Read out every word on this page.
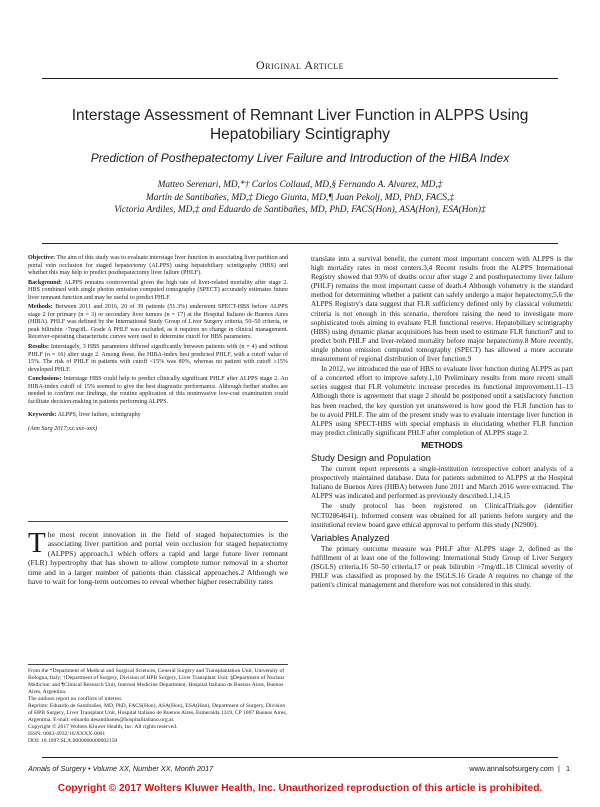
Original Article
Interstage Assessment of Remnant Liver Function in ALPPS Using Hepatobiliary Scintigraphy
Prediction of Posthepatectomy Liver Failure and Introduction of the HIBA Index
Matteo Serenari, MD,*† Carlos Collaud, MD,§ Fernando A. Alvarez, MD,‡
Martín de Santibañes, MD,‡ Diego Giunta, MD,¶ Juan Pekolj, MD, PhD, FACS,‡
Victoria Ardiles, MD,‡ and Eduardo de Santibañes, MD, PhD, FACS(Hon), ASA(Hon), ESA(Hon)‡

Objective: The aim of this study was to evaluate interstage liver function in associating liver partition and portal vein occlusion for staged hepatectomy (ALPPS) using hepatobiliary scintigraphy (HBS) and whether this may help to predict posthepatectomy liver failure (PHLF).

Background: ALPPS remains controversial given the high rate of liver-related mortality after stage 2. HBS combined with single photon emission computed tomography (SPECT) accurately estimates future liver remnant function and may be useful to predict PHLF.

Methods: Between 2011 and 2016, 20 of 39 patients (51.3%) underwent SPECT-HBS before ALPPS stage 2 for primary (n = 3) or secondary liver tumors (n = 17) at the Hospital Italiano de Buenos Aires (HIBA). PHLF was defined by the International Study Group of Liver Surgery criteria, 50–50 criteria, or peak bilirubin >7mg/dL. Grade A PHLF was excluded, as it requires no change in clinical management. Receiver-operating characteristic curves were used to determine cutoff for HBS parameters.

Results: Interstagely, 3 HBS parameters differed significantly between patients with (n = 4) and without PHLF (n = 16) after stage 2. Among these, the HIBA-index best predicted PHLF, with a cutoff value of 15%. The risk of PHLF in patients with cutoff <15% was 80%, whereas no patient with cutoff ≥15% developed PHLF.

Conclusions: Interstage HBS could help to predict clinically significant PHLF after ALPPS stage 2. An HIBA-index cutoff of 15% seemed to give the best diagnostic performance. Although further studies are needed to confirm our findings, the routine application of this noninvasive low-cost examination could facilitate decision-making in patients performing ALPPS.

Keywords: ALPPS, liver failure, scintigraphy

(Ann Surg 2017;xx:xxx–xxx)

The most recent innovation in the field of staged hepatectomies is the associating liver partition and portal vein occlusion for staged hepatectomy (ALPPS) approach,1 which offers a rapid and large future liver remnant (FLR) hypertrophy that has shown to allow complete tumor removal in a shorter time and in a larger number of patients than classical approaches.2 Although we have to wait for long-term outcomes to reveal whether higher resectability rates

From the *Department of Medical and Surgical Sciences, General Surgery and Transplantation Unit, University of Bologna, Italy; †Department of Surgery, Division of HPB Surgery, Liver Transplant Unit; §Department of Nuclear Medicine; and ¶Clinical Research Unit, Internal Medicine Department, Hospital Italiano de Buenos Aires, Buenos Aires, Argentina.

The authors report no conflicts of interest.

Reprints: Eduardo de Santibañes, MD, PhD, FACS(Hon), ASA(Hon), ESA(Hon), Department of Surgery, Division of HPB Surgery, Liver Transplant Unit, Hospital Italiano de Buenos Aires, Esmeralda 1319, CP 1007 Buenos Aires, Argentina. E-mail: eduardo.desantibanes@hospitalitaliano.org.ar.

Copyright © 2017 Wolters Kluwer Health, Inc. All rights reserved.

ISSN: 0003-4932/16/XXXX-0001

DOI: 10.1097/SLA.0000000000002150

translate into a survival benefit, the current most important concern with ALPPS is the high mortality rates in most centers.3,4 Recent results from the ALPPS International Registry showed that 93% of deaths occur after stage 2 and posthepatectomy liver failure (PHLF) remains the most important cause of death.4 Although volumetry is the standard method for determining whether a patient can safely undergo a major hepatectomy,5,6 the ALPPS Registry's data suggest that FLR sufficiency defined only by classical volumetric criteria is not enough in this scenario, therefore raising the need to investigate more sophisticated tools aiming to evaluate FLR functional reserve. Hepatobiliary scintigraphy (HBS) using dynamic planar acquisitions has been used to estimate FLR function7 and to predict both PHLF and liver-related mortality before major hepatectomy.8 More recently, single photon emission computed tomography (SPECT) has allowed a more accurate measurement of regional distribution of liver function.9

In 2012, we introduced the use of HBS to evaluate liver function during ALPPS as part of a concerted effort to improve safety.1,10 Preliminary results from more recent small series suggest that FLR volumetric increase precedes its functional improvement.11–13 Although there is agreement that stage 2 should be postponed until a satisfactory function has been reached, the key question yet unanswered is how good the FLR function has to be to avoid PHLF. The aim of the present study was to evaluate interstage liver function in ALPPS using SPECT-HBS with special emphasis in elucidating whether FLR function may predict clinically significant PHLF after completion of ALPPS stage 2.

METHODS

Study Design and Population

The current report represents a single-institution retrospective cohort analysis of a prospectively maintained database. Data for patients submitted to ALPPS at the Hospital Italiano de Buenos Aires (HIBA) between June 2011 and March 2016 were extracted. The ALPPS was indicated and performed as previously described.1,14,15

The study protocol has been registered on ClinicalTrials.gov (identifier NCT02864641). Informed consent was obtained for all patients before surgery and the institutional review board gave ethical approval to perform this study (N2900).

Variables Analyzed

The primary outcome measure was PHLF after ALPPS stage 2, defined as the fulfillment of at least one of the following: International Study Group of Liver Surgery (ISGLS) criteria,16 50–50 criteria,17 or peak bilirubin >7mg/dL.18 Clinical severity of PHLF was classified as proposed by the ISGLS.16 Grade A requires no change of the patient's clinical management and therefore was not considered in this study.

Annals of Surgery • Volume XX, Number XX, Month 2017	www.annalsofsurgery.com  |   1
Copyright © 2017 Wolters Kluwer Health, Inc. Unauthorized reproduction of this article is prohibited.
